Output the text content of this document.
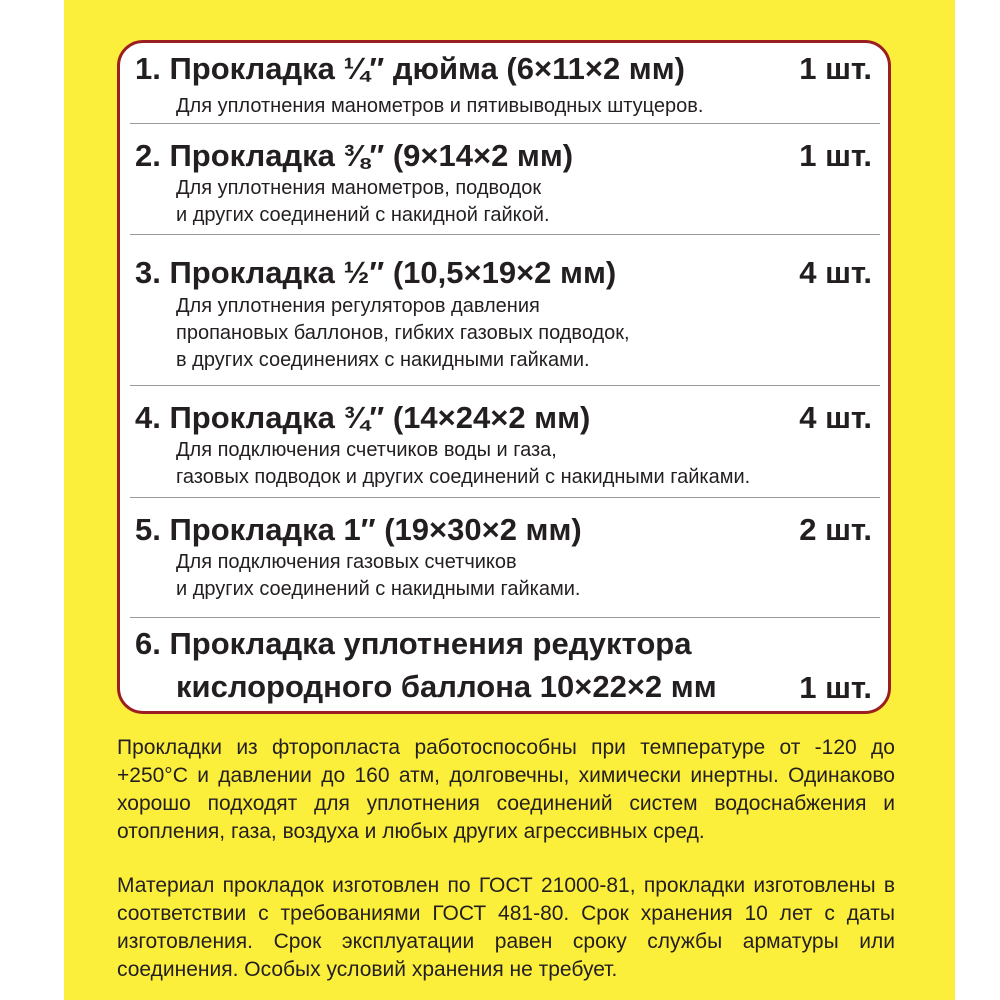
1. Прокладка ¼″ дюйма (6×11×2 мм)	1 шт.
Для уплотнения манометров и пятивыводных штуцеров.
2. Прокладка ⅜″ (9×14×2 мм)	1 шт.
Для уплотнения манометров, подводок
и других соединений с накидной гайкой.
3. Прокладка ½″ (10,5×19×2 мм)	4 шт.
Для уплотнения регуляторов давления
пропановых баллонов, гибких газовых подводок,
в других соединениях с накидными гайками.
4. Прокладка ¾″ (14×24×2 мм)	4 шт.
Для подключения счетчиков воды и газа,
газовых подводок и других соединений с накидными гайками.
5. Прокладка 1″ (19×30×2 мм)	2 шт.
Для подключения газовых счетчиков
и других соединений с накидными гайками.
6. Прокладка уплотнения редуктора
кислородного баллона 10×22×2 мм	1 шт.
Прокладки из фторопласта работоспособны при температуре от -120 до +250°С и давлении до 160 атм, долговечны, химически инертны. Одинаково хорошо подходят для уплотнения соединений систем водоснабжения и отопления, газа, воздуха и любых других агрессивных сред.
Материал прокладок изготовлен по ГОСТ 21000-81, прокладки изготовлены в соответствии с требованиями ГОСТ 481-80. Срок хранения 10 лет с даты изготовления. Срок эксплуатации равен сроку службы арматуры или соединения. Особых условий хранения не требует.
